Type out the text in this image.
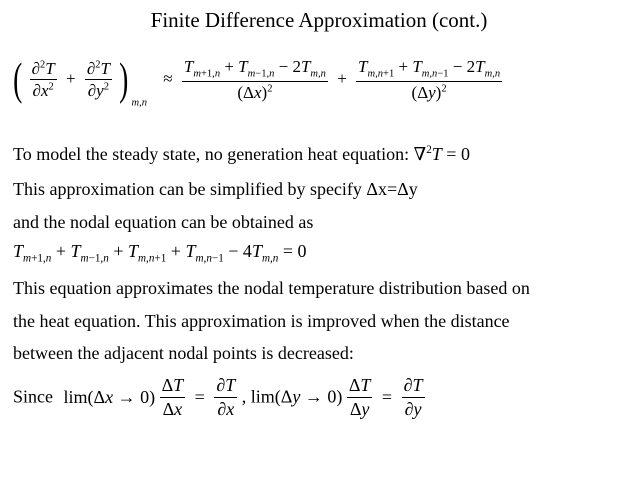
Finite Difference Approximation (cont.)
( $\frac{\partial^2T}{\partial x^2} + \frac{\partial^2T}{\partial y^2}$ ) $_{m,n} \approx \frac{T_{m+1,n} + T_{m-1,n} - 2T_{m,n}}{(\Delta x)^2} + \frac{T_{m,n+1} + T_{m,n-1} - 2T_{m,n}}{(\Delta y)^2}$
To model the steady state, no generation heat equation: ∇$^2$T = 0
This approximation can be simplified by specify Δx=Δy
and the nodal equation can be obtained as
$T_{m+1,n} + T_{m-1,n} + T_{m,n+1} + T_{m,n-1} - 4T_{m,n} = 0$
This equation approximates the nodal temperature distribution based on
the heat equation. This approximation is improved when the distance
between the adjacent nodal points is decreased:
Since $\lim(\Delta x \to 0) \frac{\Delta T}{\Delta x} = \frac{\partial T}{\partial x}$ , $\lim(\Delta y \to 0) \frac{\Delta T}{\Delta y} = \frac{\partial T}{\partial y}$
